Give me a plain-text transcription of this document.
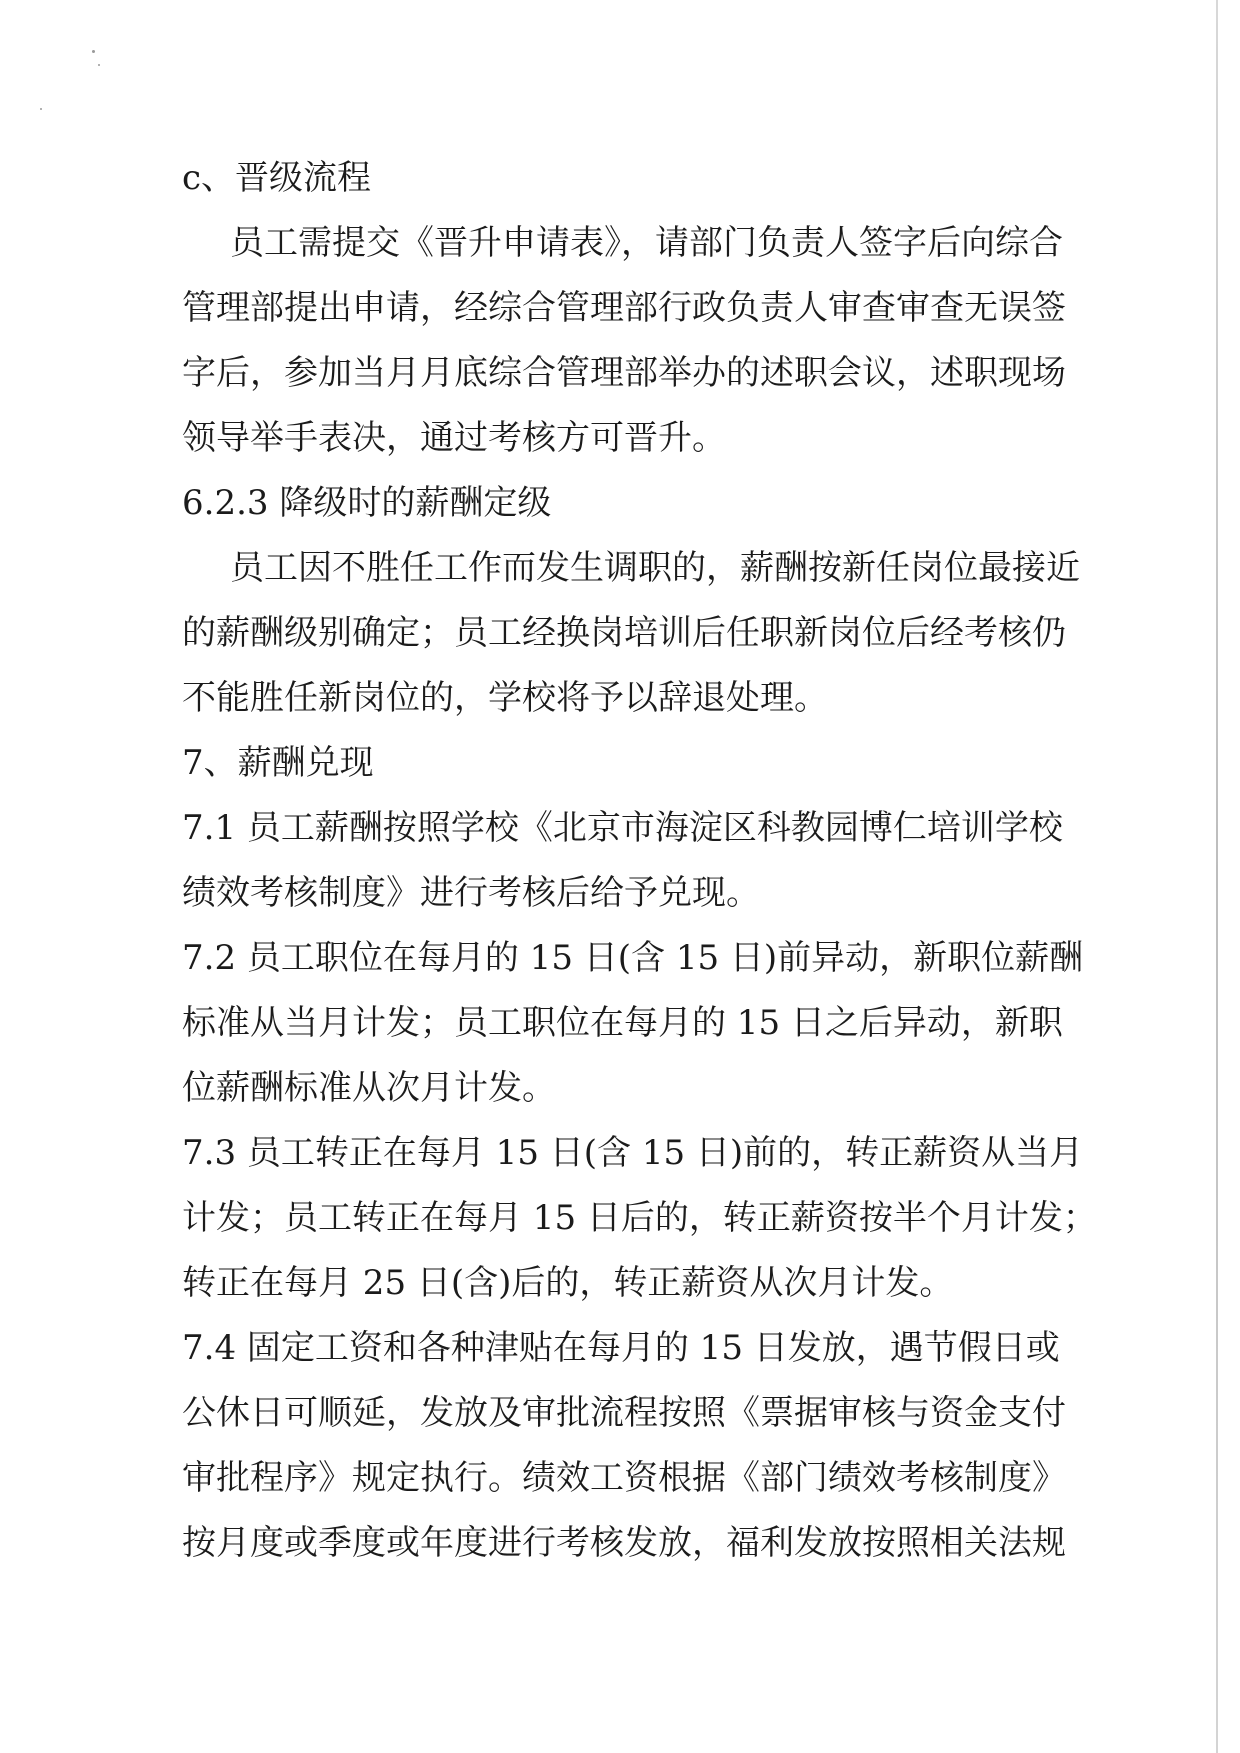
c、晋级流程
员工需提交《晋升申请表》，请部门负责人签字后向综合
管理部提出申请，经综合管理部行政负责人审查审查无误签
字后，参加当月月底综合管理部举办的述职会议，述职现场
领导举手表决，通过考核方可晋升。
6.2.3 降级时的薪酬定级
员工因不胜任工作而发生调职的，薪酬按新任岗位最接近
的薪酬级别确定；员工经换岗培训后任职新岗位后经考核仍
不能胜任新岗位的，学校将予以辞退处理。
7、薪酬兑现
7.1 员工薪酬按照学校《北京市海淀区科教园博仁培训学校
绩效考核制度》进行考核后给予兑现。
7.2 员工职位在每月的 15 日(含 15 日)前异动，新职位薪酬
标准从当月计发；员工职位在每月的 15 日之后异动，新职
位薪酬标准从次月计发。
7.3 员工转正在每月 15 日(含 15 日)前的，转正薪资从当月
计发；员工转正在每月 15 日后的，转正薪资按半个月计发；
转正在每月 25 日(含)后的，转正薪资从次月计发。
7.4 固定工资和各种津贴在每月的 15 日发放，遇节假日或
公休日可顺延，发放及审批流程按照《票据审核与资金支付
审批程序》规定执行。绩效工资根据《部门绩效考核制度》
按月度或季度或年度进行考核发放，福利发放按照相关法规
